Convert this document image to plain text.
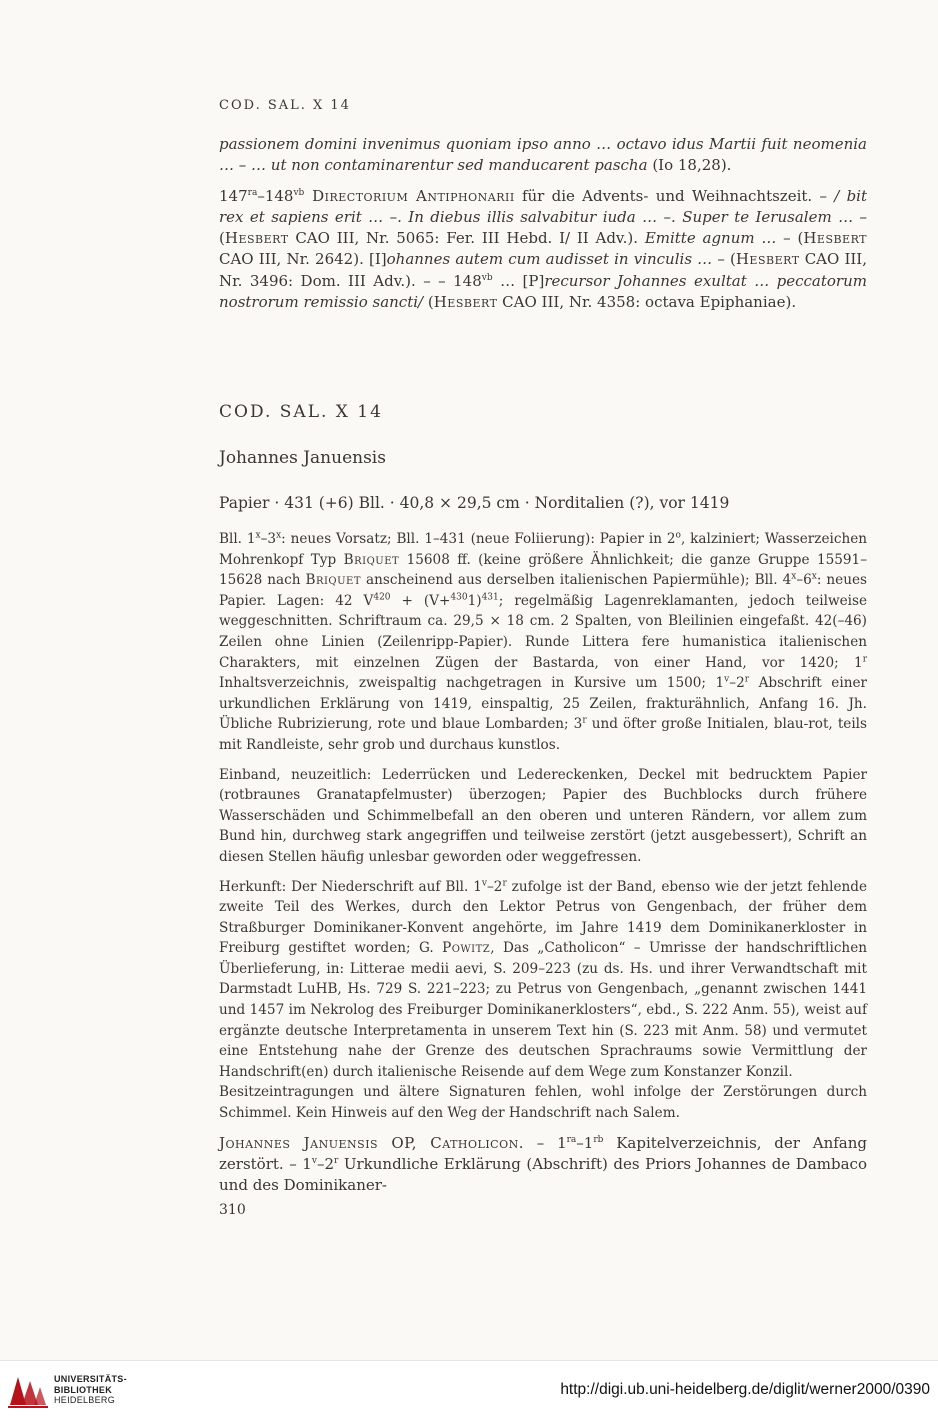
COD. SAL. X 14

passionem domini invenimus quoniam ipso anno … octavo idus Martii fuit neomenia … – … ut non contaminarentur sed manducarent pascha (Io 18,28).

$147^{ra}-148^{vb}$ Directorium Antiphonarii für die Advents- und Weihnachtszeit. – / bit rex et sapiens erit … –. In diebus illis salvabitur iuda … –. Super te Ierusalem … – (Hesbert CAO III, Nr. 5065: Fer. III Hebd. I/ II Adv.). Emitte agnum … – (Hesbert CAO III, Nr. 2642). [I]ohannes autem cum audisset in vinculis … – (Hesbert CAO III, Nr. 3496: Dom. III Adv.). – – $148^{vb}$ … [P]recursor Johannes exultat … peccatorum nostrorum remissio sancti/ (Hesbert CAO III, Nr. 4358: octava Epiphaniae).

COD. SAL. X 14
Johannes Januensis
Papier · 431 (+6) Bll. · 40,8 × 29,5 cm · Norditalien (?), vor 1419

Bll. 1$^x$–3$^x$: neues Vorsatz; Bll. 1–431 (neue Foliierung): Papier in 2$^o$, kalziniert; Wasserzeichen Mohrenkopf Typ Briquet 15608 ff. (keine größere Ähnlichkeit; die ganze Gruppe 15591–15628 nach Briquet anscheinend aus derselben italienischen Papiermühle); Bll. 4$^x$–6$^x$: neues Papier. Lagen: 42 $V^{420} + (V+^{430}1)^{431}$; regelmäßig Lagenreklamanten, jedoch teilweise weggeschnitten. Schriftraum ca. 29,5 × 18 cm. 2 Spalten, von Bleilinien eingefaßt. 42(–46) Zeilen ohne Linien (Zeilenripp-Papier). Runde Littera fere humanistica italienischen Charakters, mit einzelnen Zügen der Bastarda, von einer Hand, vor 1420; 1$^r$ Inhaltsverzeichnis, zweispaltig nachgetragen in Kursive um 1500; 1$^v$–2$^r$ Abschrift einer urkundlichen Erklärung von 1419, einspaltig, 25 Zeilen, frakturähnlich, Anfang 16. Jh. Übliche Rubrizierung, rote und blaue Lombarden; 3$^r$ und öfter große Initialen, blau-rot, teils mit Randleiste, sehr grob und durchaus kunstlos.

Einband, neuzeitlich: Lederrücken und Ledereckenken, Deckel mit bedrucktem Papier (rotbraunes Granatapfelmuster) überzogen; Papier des Buchblocks durch frühere Wasserschäden und Schimmelbefall an den oberen und unteren Rändern, vor allem zum Bund hin, durchweg stark angegriffen und teilweise zerstört (jetzt ausgebessert), Schrift an diesen Stellen häufig unlesbar geworden oder weggefressen.

Herkunft: Der Niederschrift auf Bll. 1$^v$–2$^r$ zufolge ist der Band, ebenso wie der jetzt fehlende zweite Teil des Werkes, durch den Lektor Petrus von Gengenbach, der früher dem Straßburger Dominikaner-Konvent angehörte, im Jahre 1419 dem Dominikanerkloster in Freiburg gestiftet worden; G. Powitz, Das „Catholicon“ – Umrisse der handschriftlichen Überlieferung, in: Litterae medii aevi, S. 209–223 (zu ds. Hs. und ihrer Verwandtschaft mit Darmstadt LuHB, Hs. 729 S. 221–223; zu Petrus von Gengenbach, „genannt zwischen 1441 und 1457 im Nekrolog des Freiburger Dominikanerklosters“, ebd., S. 222 Anm. 55), weist auf ergänzte deutsche Interpretamenta in unserem Text hin (S. 223 mit Anm. 58) und vermutet eine Entstehung nahe der Grenze des deutschen Sprachraums sowie Vermittlung der Handschrift(en) durch italienische Reisende auf dem Wege zum Konstanzer Konzil.

Besitzeintragungen und ältere Signaturen fehlen, wohl infolge der Zerstörungen durch Schimmel. Kein Hinweis auf den Weg der Handschrift nach Salem.

Johannes Januensis OP, Catholicon. – $1^{ra}-1^{rb}$ Kapitelverzeichnis, der Anfang zerstört. – 1$^v$–2$^r$ Urkundliche Erklärung (Abschrift) des Priors Johannes de Dambaco und des Dominikaner-

310
UNIVERSITÄTS-
BIBLIOTHEK
HEIDELBERG
http://digi.ub.uni-heidelberg.de/diglit/werner2000/0390
